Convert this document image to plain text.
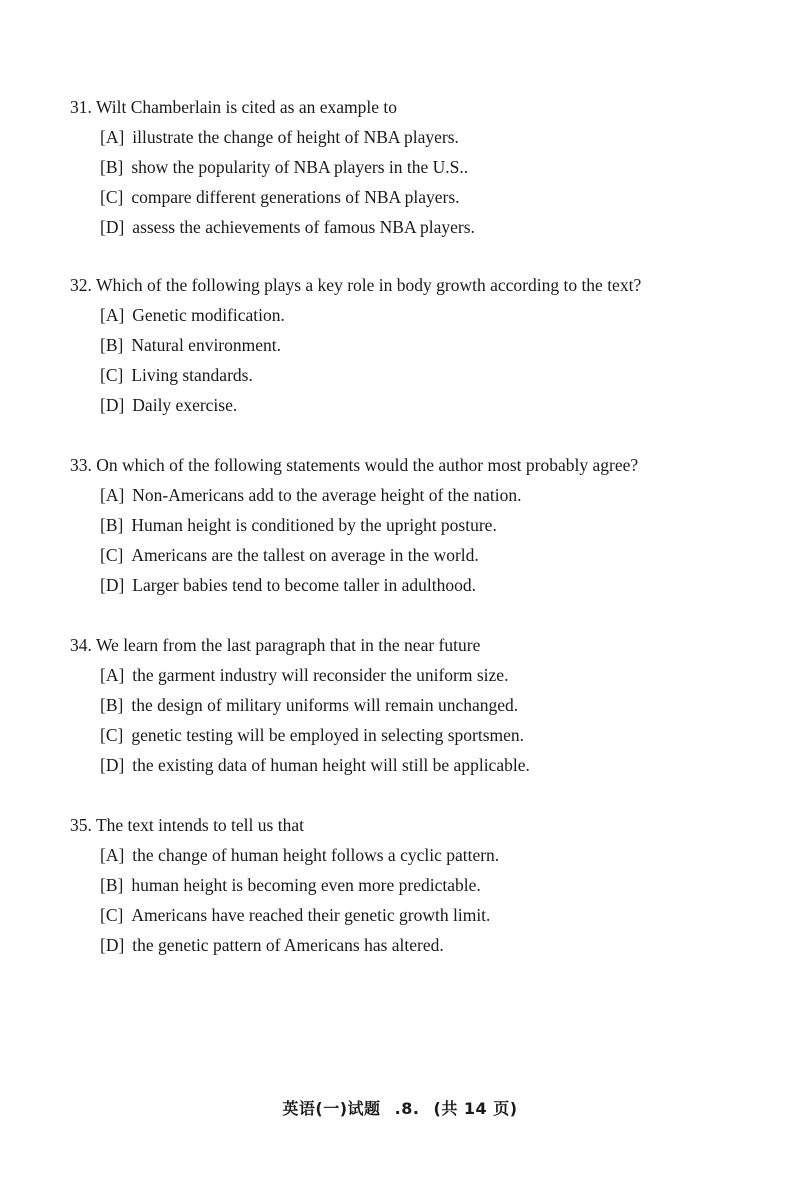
31. Wilt Chamberlain is cited as an example to
[A] illustrate the change of height of NBA players.
[B] show the popularity of NBA players in the U.S..
[C] compare different generations of NBA players.
[D] assess the achievements of famous NBA players.
32. Which of the following plays a key role in body growth according to the text?
[A] Genetic modification.
[B] Natural environment.
[C] Living standards.
[D] Daily exercise.
33. On which of the following statements would the author most probably agree?
[A] Non-Americans add to the average height of the nation.
[B] Human height is conditioned by the upright posture.
[C] Americans are the tallest on average in the world.
[D] Larger babies tend to become taller in adulthood.
34. We learn from the last paragraph that in the near future
[A] the garment industry will reconsider the uniform size.
[B] the design of military uniforms will remain unchanged.
[C] genetic testing will be employed in selecting sportsmen.
[D] the existing data of human height will still be applicable.
35. The text intends to tell us that
[A] the change of human height follows a cyclic pattern.
[B] human height is becoming even more predictable.
[C] Americans have reached their genetic growth limit.
[D] the genetic pattern of Americans has altered.
英语(一)试题 .8. (共 14 页)
